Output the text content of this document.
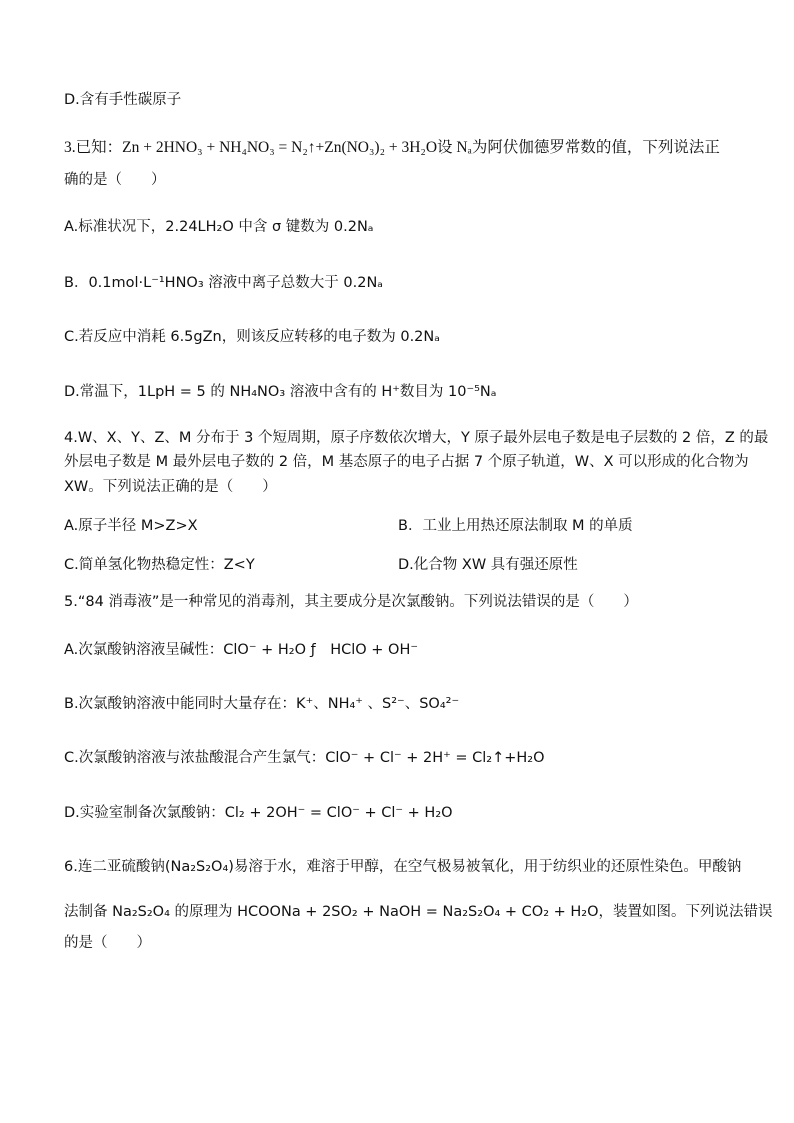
D.含有手性碳原子
3.已知：Zn + 2HNO₃ + NH₄NO₃ = N₂↑+Zn(NO₃)₂ + 3H₂O设 Nₐ为阿伏伽德罗常数的值，下列说法正
确的是（　　）
A.标准状况下，2.24LH₂O 中含 σ 键数为 0.2Nₐ
B．0.1mol·L⁻¹HNO₃ 溶液中离子总数大于 0.2Nₐ
C.若反应中消耗 6.5gZn，则该反应转移的电子数为 0.2Nₐ
D.常温下，1LpH = 5 的 NH₄NO₃ 溶液中含有的 H⁺数目为 10⁻⁵Nₐ
4.W、X、Y、Z、M 分布于 3 个短周期，原子序数依次增大，Y 原子最外层电子数是电子层数的 2 倍，Z 的最
外层电子数是 M 最外层电子数的 2 倍，M 基态原子的电子占据 7 个原子轨道，W、X 可以形成的化合物为
XW。下列说法正确的是（　　）
A.原子半径 M>Z>X	B．工业上用热还原法制取 M 的单质
C.简单氢化物热稳定性：Z<Y	D.化合物 XW 具有强还原性
5.“84 消毒液”是一种常见的消毒剂，其主要成分是次氯酸钠。下列说法错误的是（　　）
A.次氯酸钠溶液呈碱性：ClO⁻ + H₂O ƒ　HClO + OH⁻
B.次氯酸钠溶液中能同时大量存在：K⁺、NH₄⁺ 、S²⁻、SO₄²⁻
C.次氯酸钠溶液与浓盐酸混合产生氯气：ClO⁻ + Cl⁻ + 2H⁺ = Cl₂↑+H₂O
D.实验室制备次氯酸钠：Cl₂ + 2OH⁻ = ClO⁻ + Cl⁻ + H₂O
6.连二亚硫酸钠(Na₂S₂O₄)易溶于水，难溶于甲醇，在空气极易被氧化，用于纺织业的还原性染色。甲酸钠
法制备 Na₂S₂O₄ 的原理为 HCOONa + 2SO₂ + NaOH = Na₂S₂O₄ + CO₂ + H₂O，装置如图。下列说法错误
的是（　　）
